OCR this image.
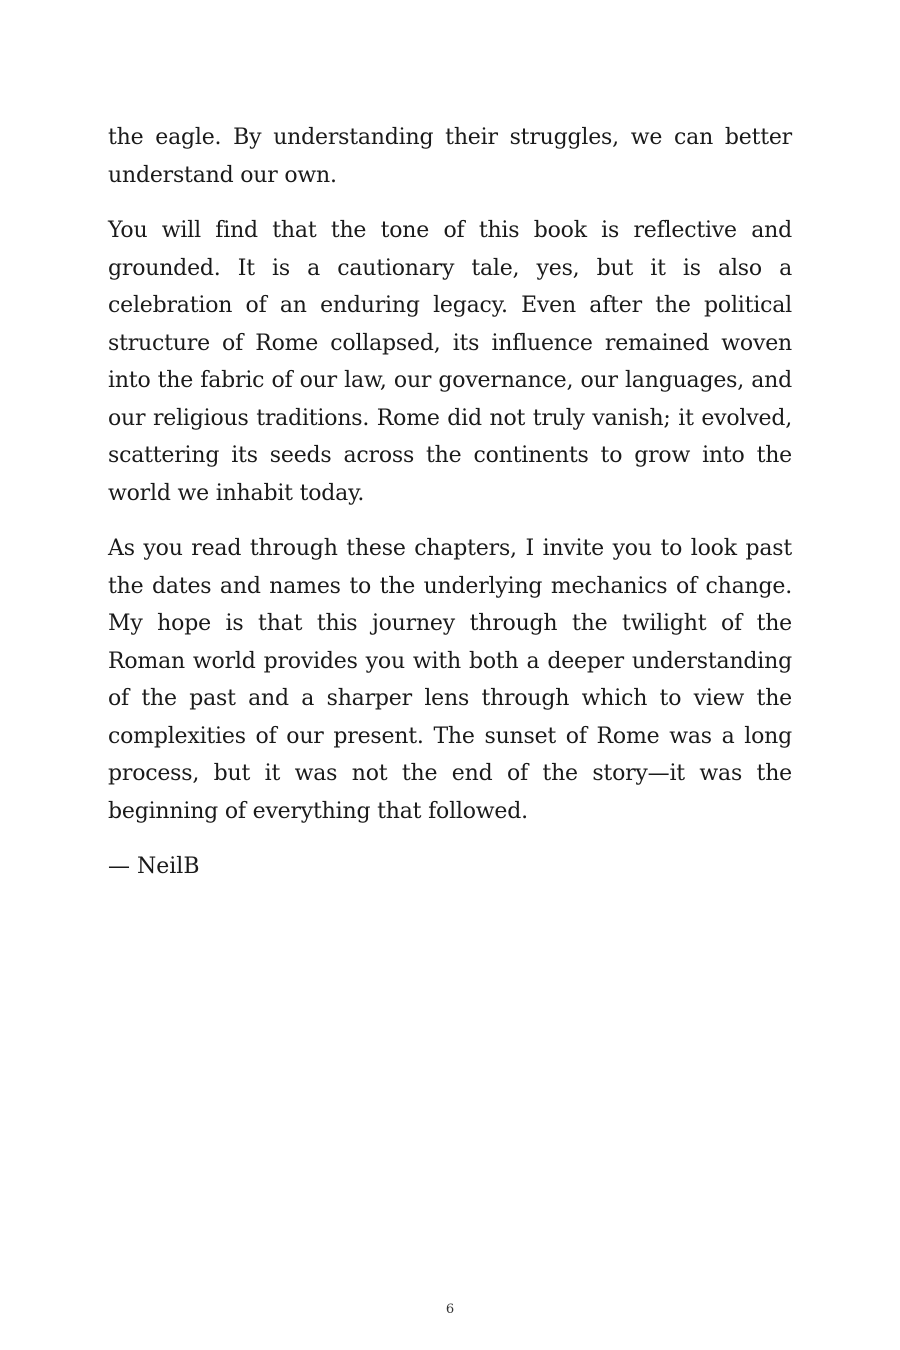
the eagle. By understanding their struggles, we can better understand our own.

You will find that the tone of this book is reflective and grounded. It is a cautionary tale, yes, but it is also a celebration of an enduring legacy. Even after the political structure of Rome collapsed, its influence remained woven into the fabric of our law, our governance, our languages, and our religious traditions. Rome did not truly vanish; it evolved, scattering its seeds across the continents to grow into the world we inhabit today.

As you read through these chapters, I invite you to look past the dates and names to the underlying mechanics of change. My hope is that this journey through the twilight of the Roman world provides you with both a deeper understanding of the past and a sharper lens through which to view the complexities of our present. The sunset of Rome was a long process, but it was not the end of the story—it was the beginning of everything that followed.

— NeilB

6
